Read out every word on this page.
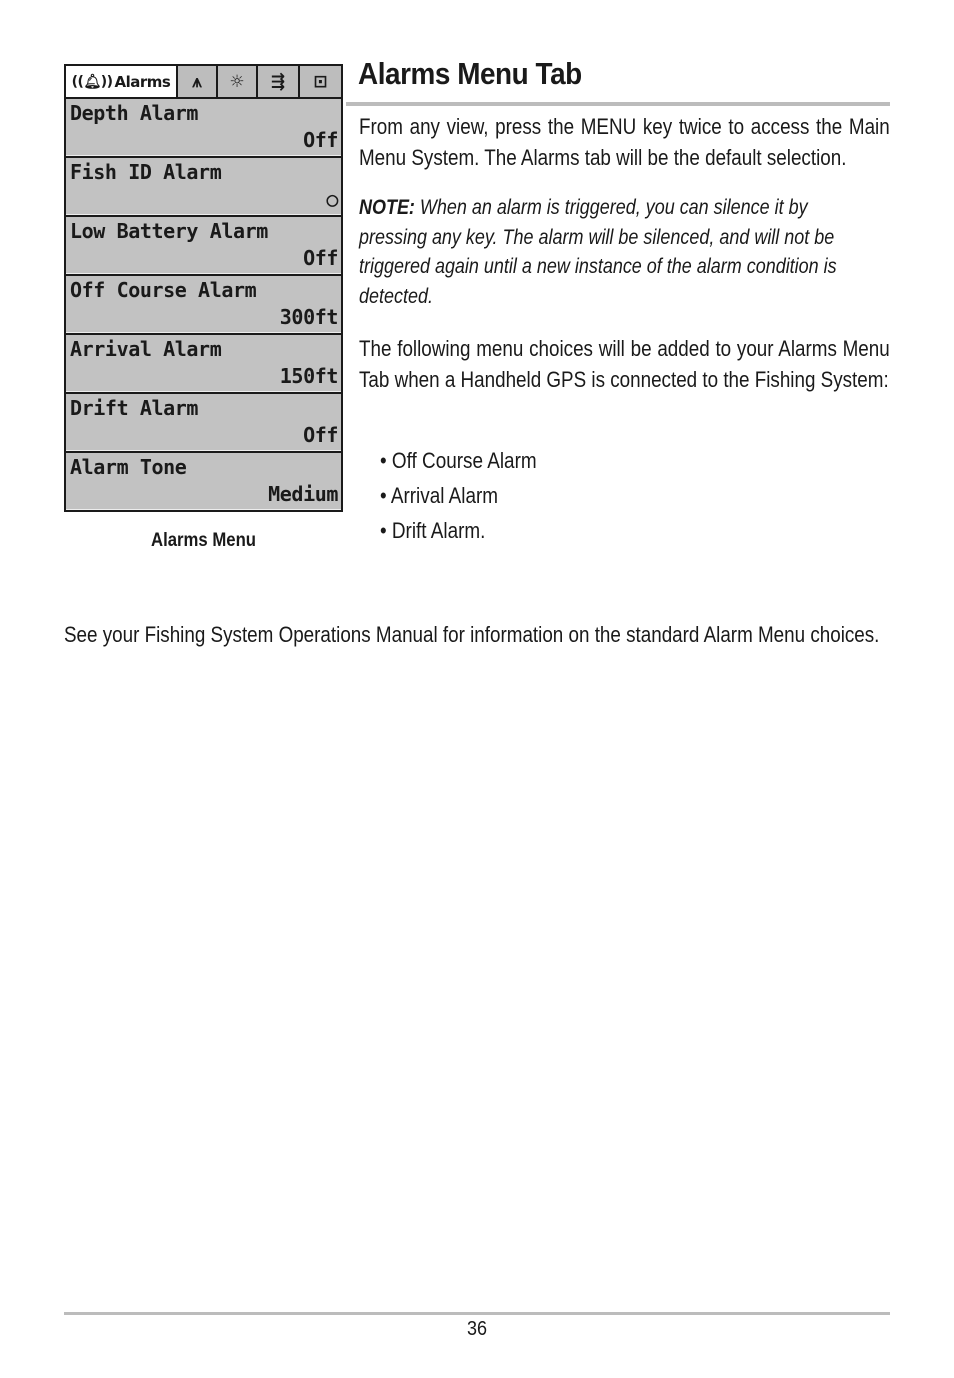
((🔔︎)) Alarms ⩚ ☼ ⇶ ⊡
Depth Alarm
Off
Fish ID Alarm
○
Low Battery Alarm
Off
Off Course Alarm
300ft
Arrival Alarm
150ft
Drift Alarm
Off
Alarm Tone
Medium
Alarms Menu
Alarms Menu Tab

From any view, press the MENU key twice to access the Main Menu System. The Alarms tab will be the default selection.

NOTE: When an alarm is triggered, you can silence it by pressing any key. The alarm will be silenced, and will not be triggered again until a new instance of the alarm condition is detected.

The following menu choices will be added to your Alarms Menu Tab when a Handheld GPS is connected to the Fishing System:

• Off Course Alarm
• Arrival Alarm
• Drift Alarm.

See your Fishing System Operations Manual for information on the standard Alarm Menu choices.

36
